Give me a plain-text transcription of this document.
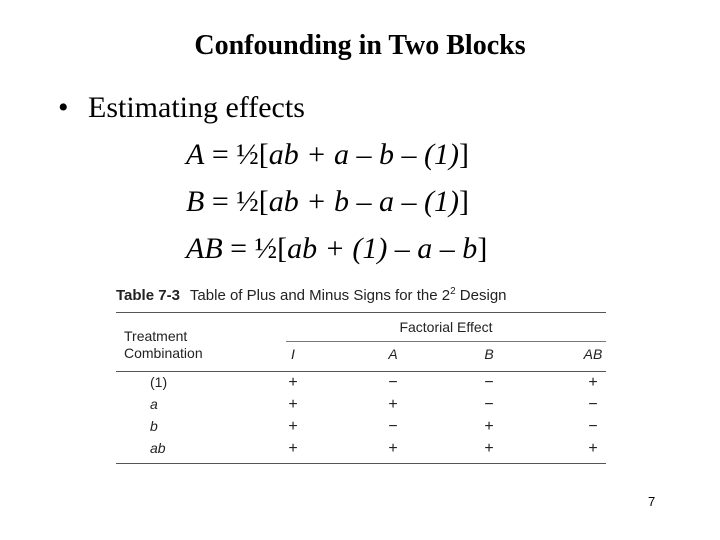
Confounding in Two Blocks
• Estimating effects
A = ½[ab + a – b – (1)]
B = ½[ab + b – a – (1)]
AB = ½[ab + (1) – a – b]
Table 7-3 Table of Plus and Minus Signs for the $2^2$ Design
Factorial Effect
Treatment
Combination	I	A	B	AB
(1)	+	−	−	+
a	+	+	−	−
b	+	−	+	−
ab	+	+	+	+
7
